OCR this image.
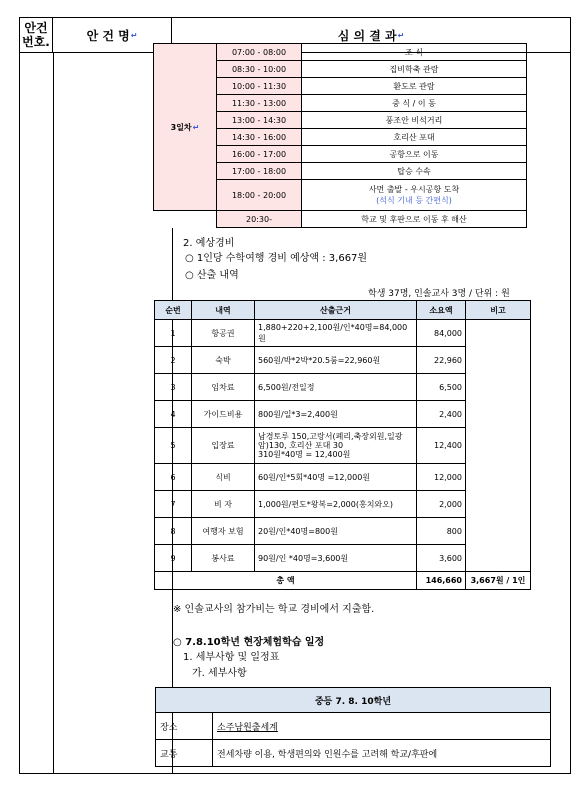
안건
번호.	안 건 명 ↵	심 의 결 과 ↵
3일차↵	07:00 - 08:00	조 식
	08:30 - 10:00	집비학축 관람
	10:00 - 11:30	환도로 관람
	11:30 - 13:00	중 식 / 이 동
	13:00 - 14:30	풍조안 비석거리
	14:30 - 16:00	호리산 포대
	16:00 - 17:00	공항으로 이동
	17:00 - 18:00	탑승 수속
	18:00 - 20:00	사먼 출발 - 우시공항 도착
(석식 기내 등 간편식)

	20:30-	학교 및 후판으로 이동 후 해산
2. 예상경비
○ 1인당 수학여행 경비 예상액 : 3,667원
○ 산출 내역
학생 37명, 인솔교사 3명 / 단위 : 원
순번	내역	산출근거	소요액	비고
1	항공권	1,880+220+2,100원/인*40명=84,000원	84,000	
2	숙박	560원/박*2박*20.5룸=22,960원	22,960	
3	임차료	6,500원/전일정	6,500	
4	가이드비용	800원/일*3=2,400원	2,400	
5	입장료	남경토루 150,고랑서(폐리,축장외원,일광암)130, 호리산 포대 30
310원*40명 = 12,400원	12,400	
6	식비	60원/인*5회*40명 =12,000원	12,000	
7	비 자	1,000원/편도*왕복=2,000(홍치와오)	2,000	
8	여행자 보험	20원/인*40명=800원	800	
9	봉사료	90원/인 *40명=3,600원	3,600	
총 액			146,660	3,667원 / 1인
※ 인솔교사의 참가비는 학교 경비에서 지출함.
○ 7.8.10학년 현장체험학습 일정
1. 세부사항 및 일정표
가. 세부사항
중등 7. 8. 10학년	
장소	소주남원출세계
교통	전세차량 이용, 학생편의와 인원수를 고려해 학교/후판에
